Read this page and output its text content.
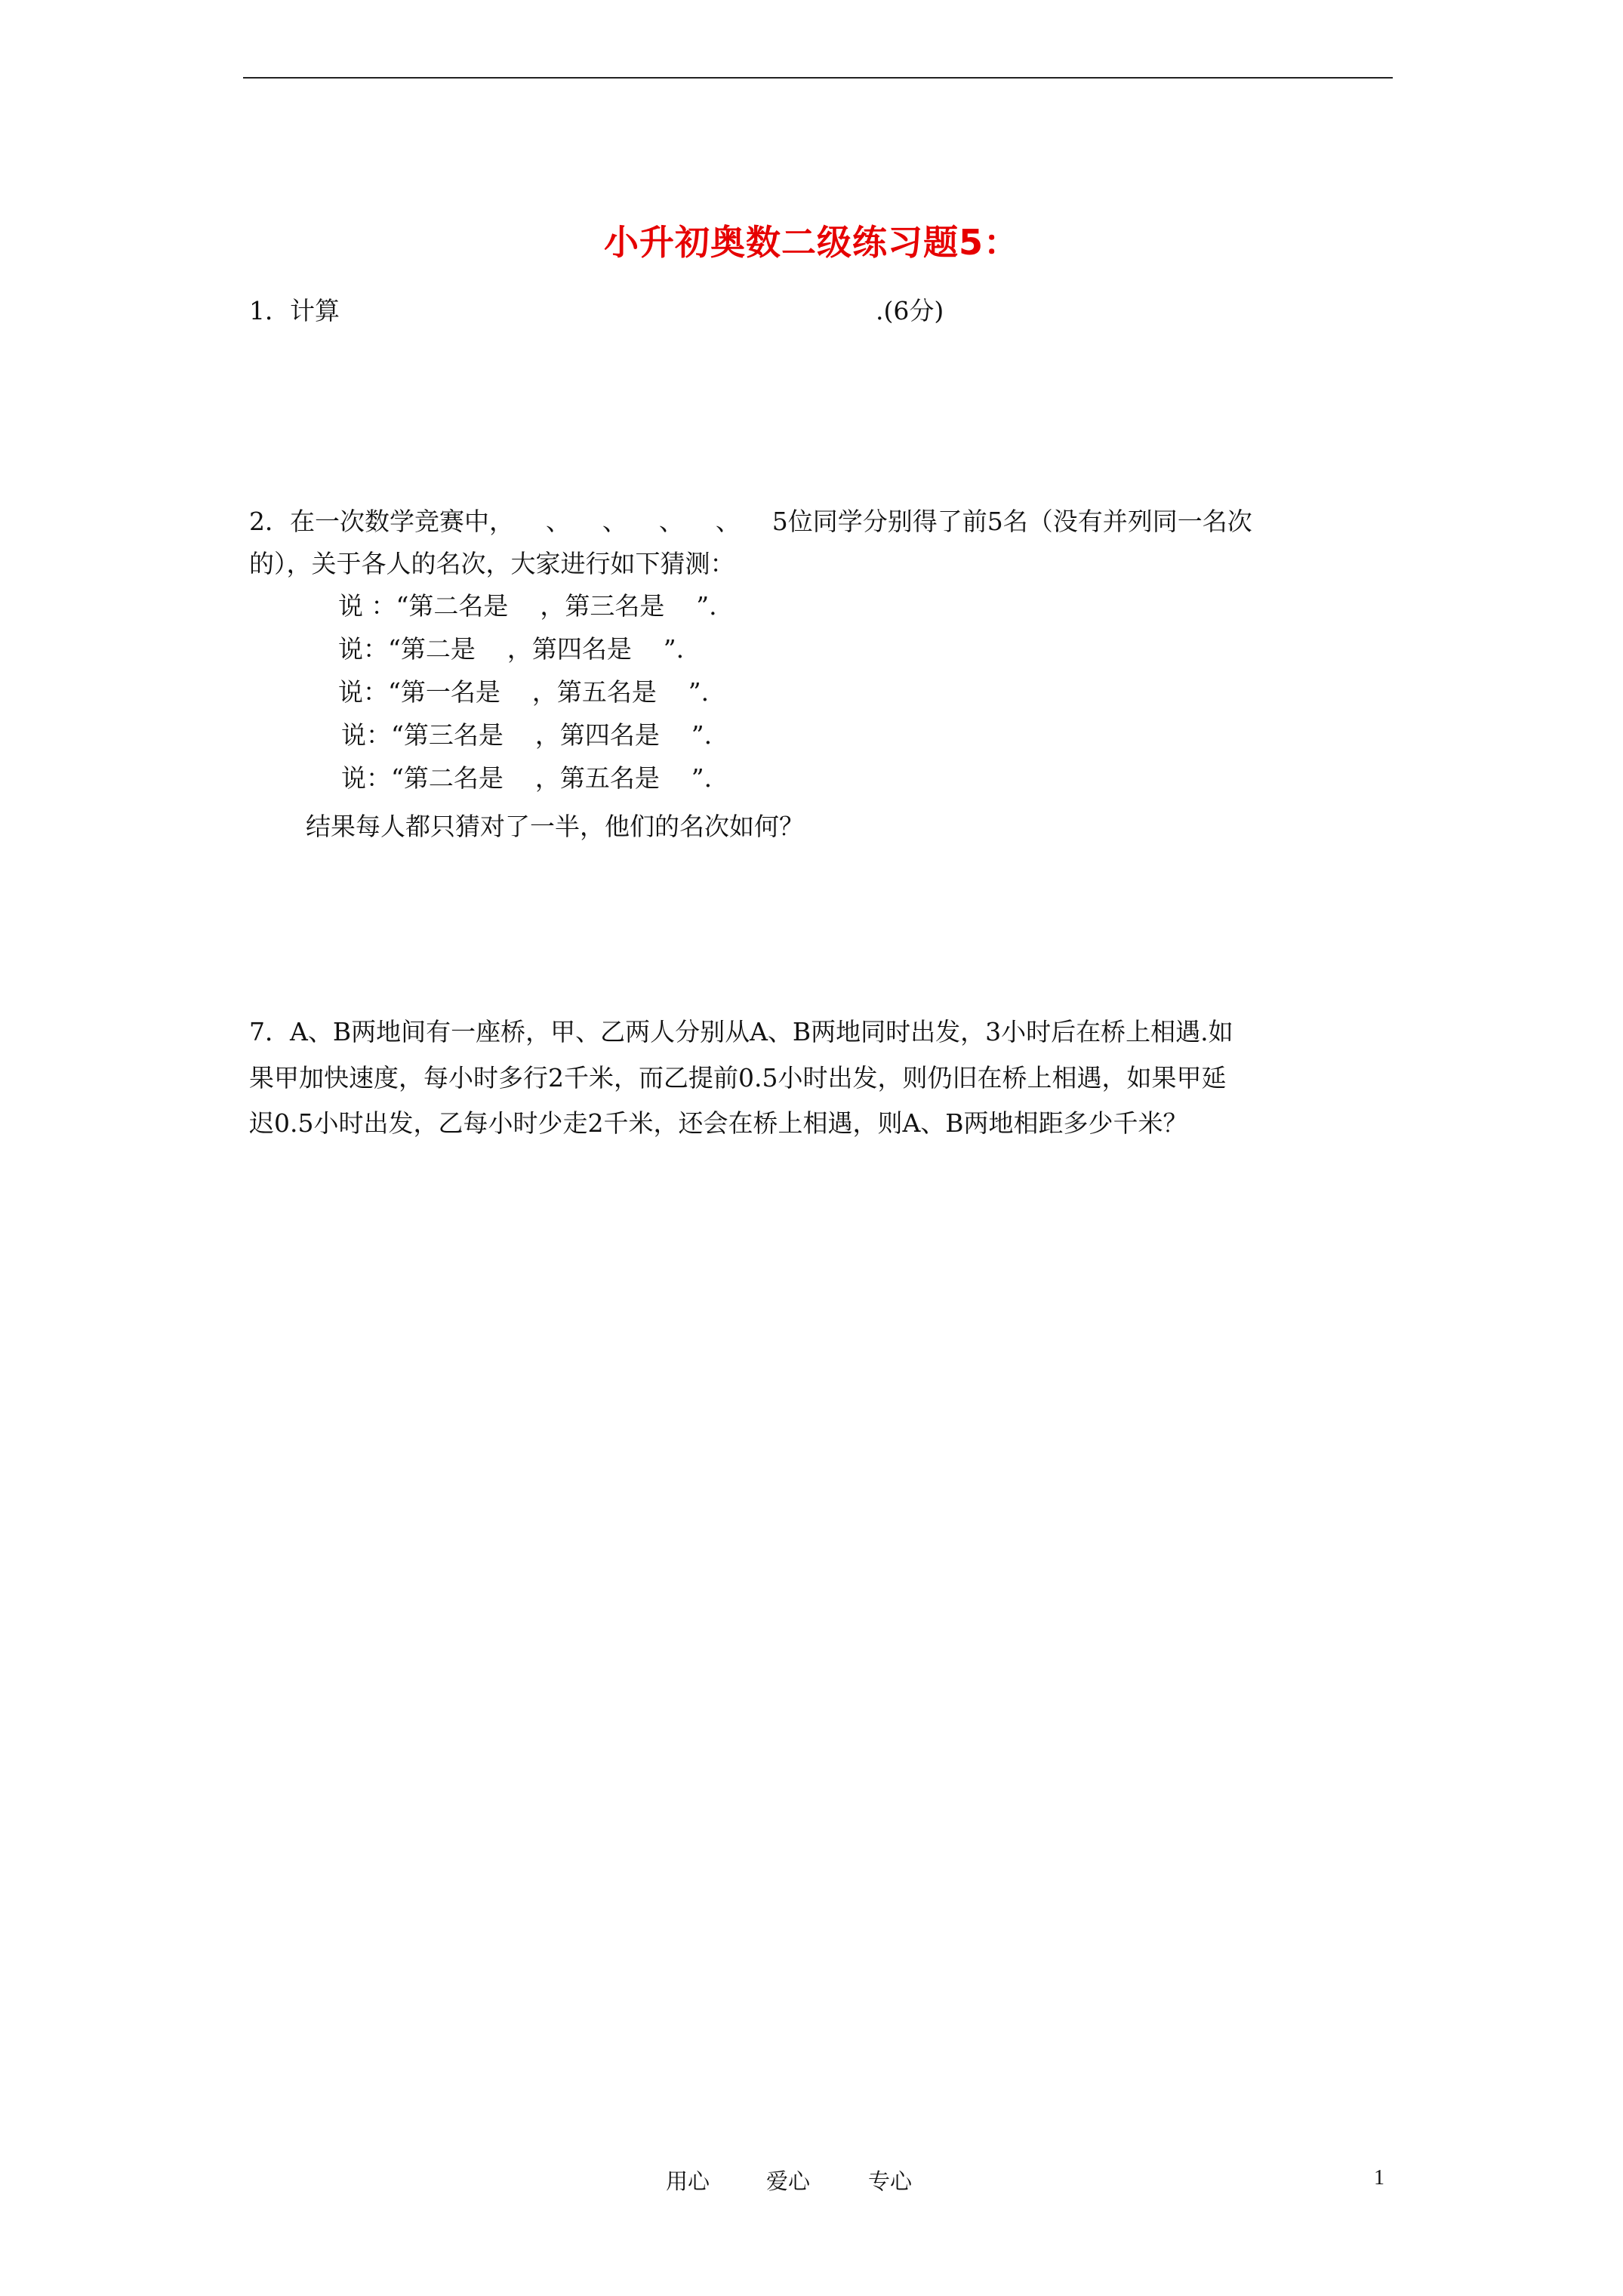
小升初奥数二级练习题5：
1．计算	.(6分)
2．在一次数学竞赛中，    、    、    、    、    5位同学分别得了前5名（没有并列同一名次
的），关于各人的名次，大家进行如下猜测：
说 ：“第二名是    ，第三名是    ”.
说：“第二是    ，第四名是    ”.
说：“第一名是    ，第五名是    ”.
说：“第三名是    ，第四名是    ”.
说：“第二名是    ，第五名是    ”.
结果每人都只猜对了一半，他们的名次如何？
7．A、B两地间有一座桥，甲、乙两人分别从A、B两地同时出发，3小时后在桥上相遇.如
果甲加快速度，每小时多行2千米，而乙提前0.5小时出发，则仍旧在桥上相遇，如果甲延
迟0.5小时出发，乙每小时少走2千米，还会在桥上相遇，则A、B两地相距多少千米？
用心	爱心	专心	1
